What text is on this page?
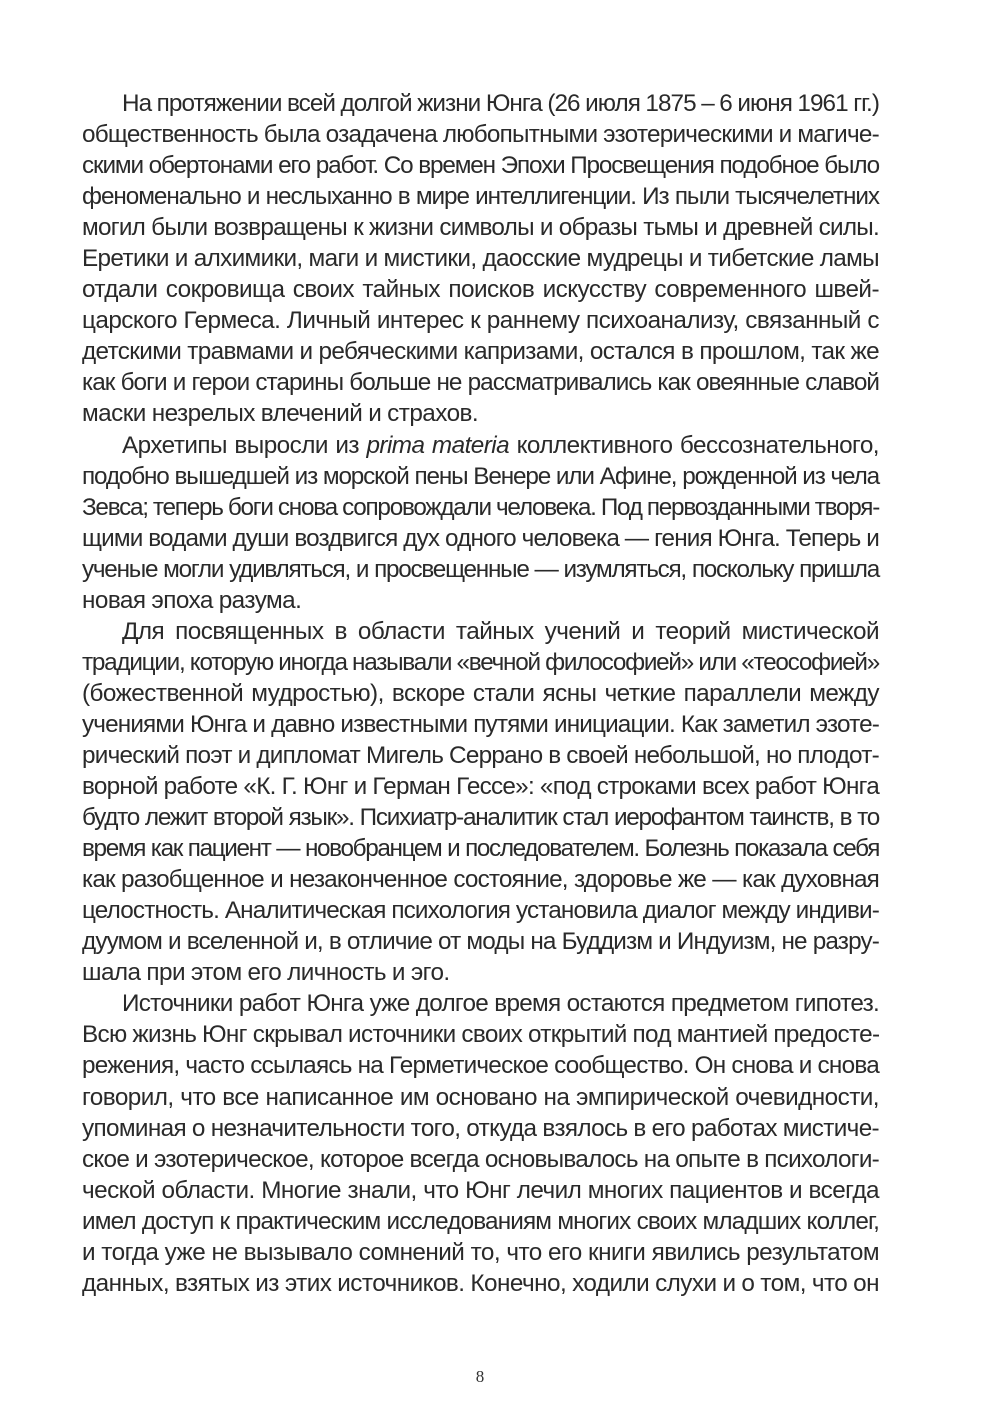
На протяжении всей долгой жизни Юнга (26 июля 1875 – 6 июня 1961 гг.)
общественность была озадачена любопытными эзотерическими и магиче-
скими обертонами его работ. Со времен Эпохи Просвещения подобное было
феноменально и неслыханно в мире интеллигенции. Из пыли тысячелетних
могил были возвращены к жизни символы и образы тьмы и древней силы.
Еретики и алхимики, маги и мистики, даосские мудрецы и тибетские ламы
отдали сокровища своих тайных поисков искусству современного швей-
царского Гермеса. Личный интерес к раннему психоанализу, связанный с
детскими травмами и ребяческими капризами, остался в прошлом, так же
как боги и герои старины больше не рассматривались как овеянные славой
маски незрелых влечений и страхов.
Архетипы выросли из prima materia коллективного бессознательного,
подобно вышедшей из морской пены Венере или Афине, рожденной из чела
Зевса; теперь боги снова сопровождали человека. Под первозданными творя-
щими водами души воздвигся дух одного человека — гения Юнга. Теперь и
ученые могли удивляться, и просвещенные — изумляться, поскольку пришла
новая эпоха разума.
Для посвященных в области тайных учений и теорий мистической
традиции, которую иногда называли «вечной философией» или «теософией»
(божественной мудростью), вскоре стали ясны четкие параллели между
учениями Юнга и давно известными путями инициации. Как заметил эзоте-
рический поэт и дипломат Мигель Серрано в своей небольшой, но плодот-
ворной работе «К. Г. Юнг и Герман Гессе»: «под строками всех работ Юнга
будто лежит второй язык». Психиатр-аналитик стал иерофантом таинств, в то
время как пациент — новобранцем и последователем. Болезнь показала себя
как разобщенное и незаконченное состояние, здоровье же — как духовная
целостность. Аналитическая психология установила диалог между индиви-
дуумом и вселенной и, в отличие от моды на Буддизм и Индуизм, не разру-
шала при этом его личность и эго.
Источники работ Юнга уже долгое время остаются предметом гипотез.
Всю жизнь Юнг скрывал источники своих открытий под мантией предосте-
режения, часто ссылаясь на Герметическое сообщество. Он снова и снова
говорил, что все написанное им основано на эмпирической очевидности,
упоминая о незначительности того, откуда взялось в его работах мистиче-
ское и эзотерическое, которое всегда основывалось на опыте в психологи-
ческой области. Многие знали, что Юнг лечил многих пациентов и всегда
имел доступ к практическим исследованиям многих своих младших коллег,
и тогда уже не вызывало сомнений то, что его книги явились результатом
данных, взятых из этих источников. Конечно, ходили слухи и о том, что он
8
